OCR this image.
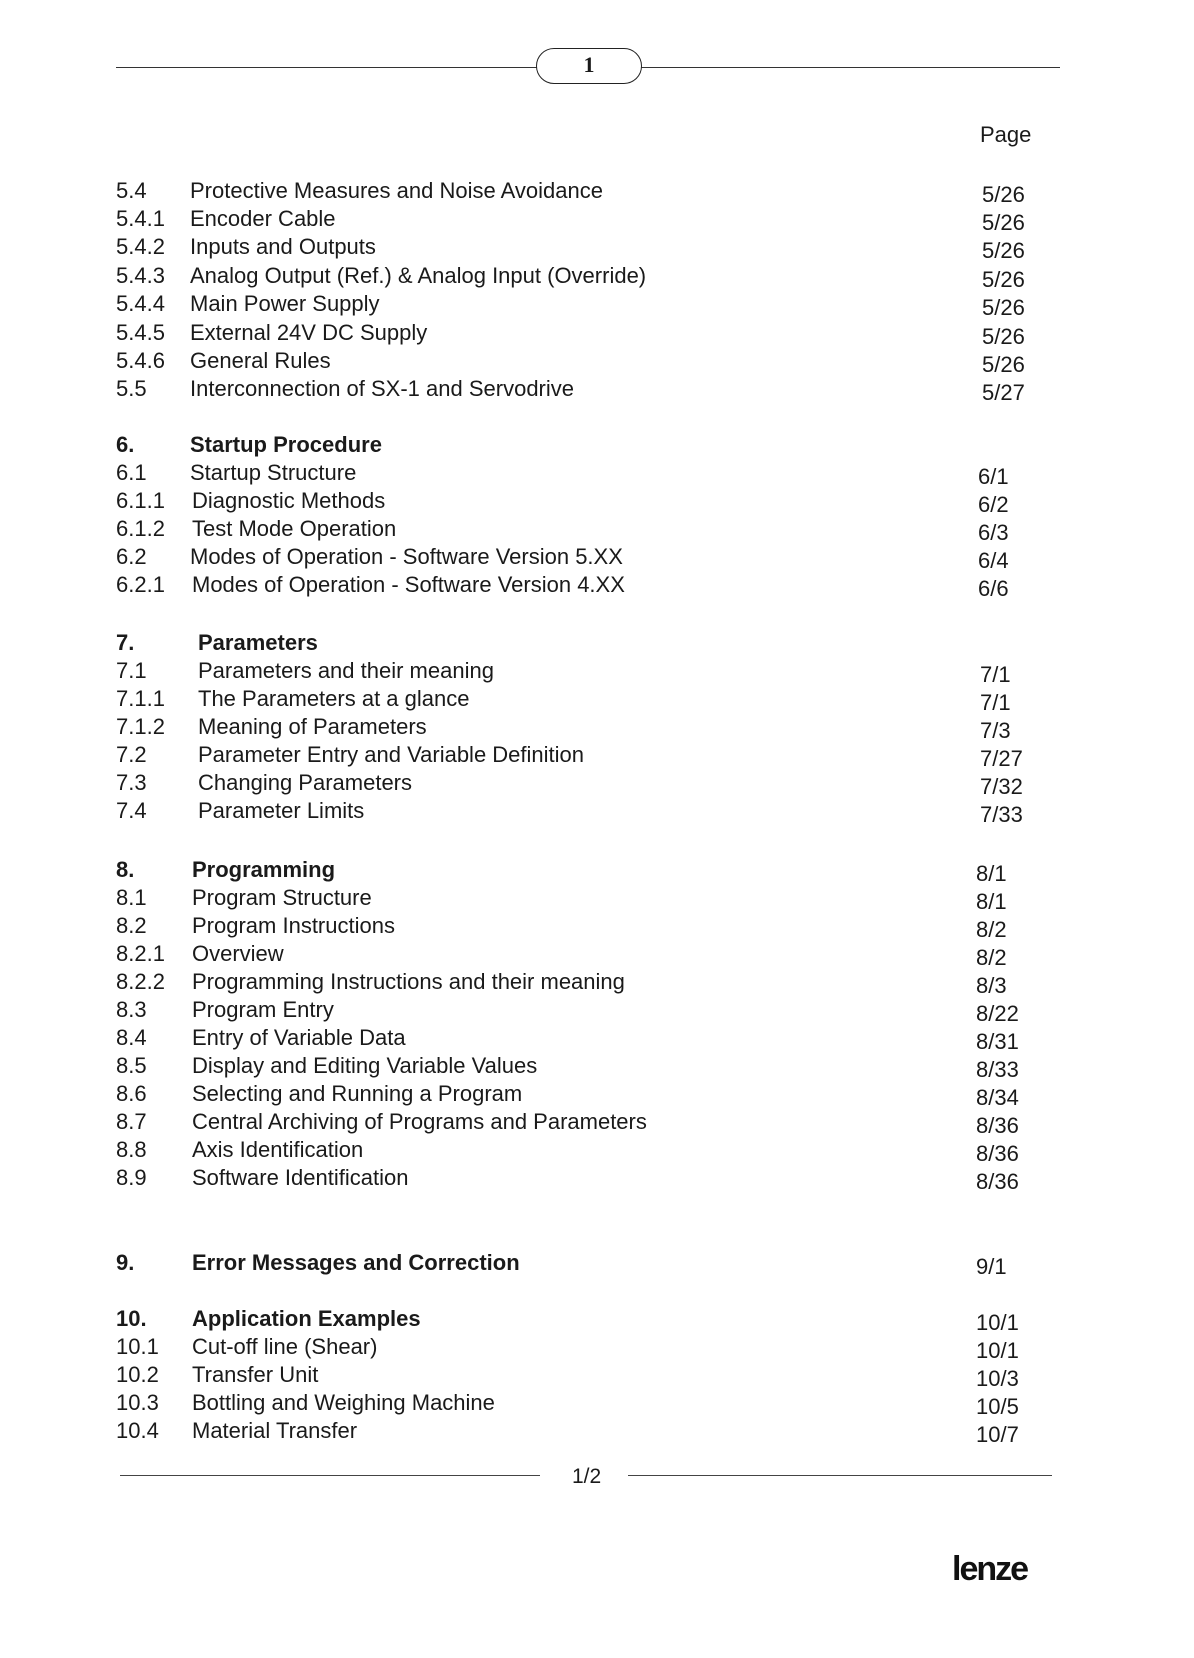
1
Page
5.4 Protective Measures and Noise Avoidance	5/26
5.4.1 Encoder Cable	5/26
5.4.2 Inputs and Outputs	5/26
5.4.3 Analog Output (Ref.) & Analog Input (Override)	5/26
5.4.4 Main Power Supply	5/26
5.4.5 External 24V DC Supply	5/26
5.4.6 General Rules	5/26
5.5 Interconnection of SX-1 and Servodrive	5/27
6.	Startup Procedure
6.1 Startup Structure	6/1
6.1.1 Diagnostic Methods	6/2
6.1.2 Test Mode Operation	6/3
6.2 Modes of Operation - Software Version 5.XX	6/4
6.2.1 Modes of Operation - Software Version 4.XX	6/6
7.	Parameters
7.1 Parameters and their meaning	7/1
7.1.1 The Parameters at a glance	7/1
7.1.2 Meaning of Parameters	7/3
7.2 Parameter Entry and Variable Definition	7/27
7.3 Changing Parameters	7/32
7.4 Parameter Limits	7/33
8.	Programming	8/1
8.1 Program Structure	8/1
8.2 Program Instructions	8/2
8.2.1 Overview	8/2
8.2.2 Programming Instructions and their meaning	8/3
8.3 Program Entry	8/22
8.4 Entry of Variable Data	8/31
8.5 Display and Editing Variable Values	8/33
8.6 Selecting and Running a Program	8/34
8.7 Central Archiving of Programs and Parameters	8/36
8.8 Axis Identification	8/36
8.9 Software Identification	8/36
9.	Error Messages and Correction	9/1
10. Application Examples	10/1
10.1 Cut-off line (Shear)	10/1
10.2 Transfer Unit	10/3
10.3 Bottling and Weighing Machine	10/5
10.4 Material Transfer	10/7
1/2
lenze
